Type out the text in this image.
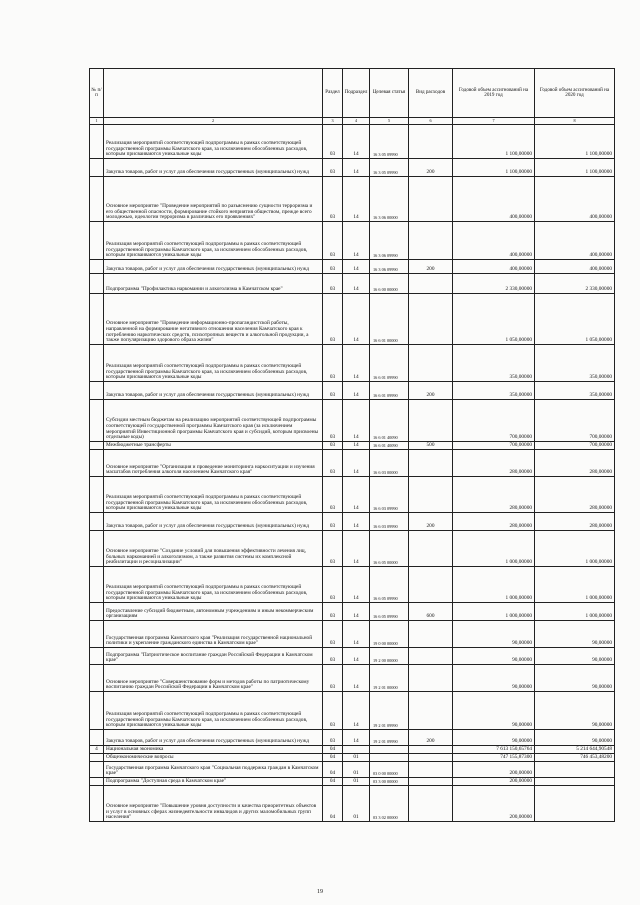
№ п/п		Раздел	Подраздел	Целевая статья	Вид расходов	Годовой объем ассигнований на 2019 год	Годовой объем ассигнований на 2020 год
1	2	3	4	5	6	7	8
	Реализация мероприятий соответствующей подпрограммы в рамках соответствующей государственной программы Камчатского края, за исключением обособленных расходов, которым присваиваются уникальные коды	03	14	16 3 05 09990		1 100,00000	1 100,00000
	Закупка товаров, работ и услуг для обеспечения государственных (муниципальных) нужд	03	14	16 3 05 09990	200	1 100,00000	1 100,00000
	Основное мероприятие "Проведение мероприятий по разъяснению сущности терроризма и его общественной опасности, формирование стойкого неприятия обществом, прежде всего молодежью, идеологии терроризма в различных его проявлениях"	03	14	16 3 06 00000		400,00000	400,00000
	Реализация мероприятий соответствующей подпрограммы в рамках соответствующей государственной программы Камчатского края, за исключением обособленных расходов, которым присваиваются уникальные коды	03	14	16 3 06 09990		400,00000	400,00000
	Закупка товаров, работ и услуг для обеспечения государственных (муниципальных) нужд	03	14	16 3 06 09990	200	400,00000	400,00000
	Подпрограмма "Профилактика наркомании и алкоголизма в Камчатском крае"	03	14	16 6 00 00000		2 330,00000	2 330,00000
	Основное мероприятие "Проведение информационно-пропагандистской работы, направленной на формирование негативного отношения населения Камчатского края к потреблению наркотических средств, психотропных веществ и алкогольной продукции, а также популяризацию здорового образа жизни"	03	14	16 6 01 00000		1 050,00000	1 050,00000
	Реализация мероприятий соответствующей подпрограммы в рамках соответствующей государственной программы Камчатского края, за исключением обособленных расходов, которым присваиваются уникальные коды	03	14	16 6 01 09990		350,00000	350,00000
	Закупка товаров, работ и услуг для обеспечения государственных (муниципальных) нужд	03	14	16 6 01 09990	200	350,00000	350,00000
	Субсидии местным бюджетам на реализацию мероприятий соответствующей подпрограммы соответствующей государственной программы Камчатского края (за исключением мероприятий Инвестиционной программы Камчатского края и субсидий, которым присвоены отдельные коды)	03	14	16 6 01 40090		700,00000	700,00000
	Межбюджетные трансферты	03	14	16 6 01 40090	500	700,00000	700,00000
	Основное мероприятие "Организация и проведение мониторинга наркоситуации и изучения масштабов потребления алкоголя населением Камчатского края"	03	14	16 6 03 00000		280,00000	280,00000
	Реализация мероприятий соответствующей подпрограммы в рамках соответствующей государственной программы Камчатского края, за исключением обособленных расходов, которым присваиваются уникальные коды	03	14	16 6 03 09990		280,00000	280,00000
	Закупка товаров, работ и услуг для обеспечения государственных (муниципальных) нужд	03	14	16 6 03 09990	200	280,00000	280,00000
	Основное мероприятие "Создание условий для повышения эффективности лечения лиц, больных наркоманией и алкоголизмом, а также развития системы их комплексной реабилитации и ресоциализации"	03	14	16 6 05 00000		1 000,00000	1 000,00000
	Реализация мероприятий соответствующей подпрограммы в рамках соответствующей государственной программы Камчатского края, за исключением обособленных расходов, которым присваиваются уникальные коды	03	14	16 6 05 09990		1 000,00000	1 000,00000
	Предоставление субсидий бюджетным, автономным учреждениям и иным некоммерческим организациям	03	14	16 6 05 09990	600	1 000,00000	1 000,00000
	Государственная программа Камчатского края "Реализация государственной национальной политики и укрепление гражданского единства в Камчатском крае"	03	14	19 0 00 00000		90,00000	90,00000
	Подпрограмма "Патриотическое воспитание граждан Российской Федерации в Камчатском крае"	03	14	19 2 00 00000		90,00000	90,00000
	Основное мероприятие "Совершенствование форм и методов работы по патриотическому воспитанию граждан Российской Федерации в Камчатском крае"	03	14	19 2 01 00000		90,00000	90,00000
	Реализация мероприятий соответствующей подпрограммы в рамках соответствующей государственной программы Камчатского края, за исключением обособленных расходов, которым присваиваются уникальные коды	03	14	19 2 01 09990		90,00000	90,00000
	Закупка товаров, работ и услуг для обеспечения государственных (муниципальных) нужд	03	14	19 2 01 09990	200	90,00000	90,00000
4	Национальная экономика	04				7 613 150,65764	5 214 644,90548
	Общеэкономические вопросы	04	01			747 155,87300	746 453,48200
	Государственная программа Камчатского края "Социальная поддержка граждан в Камчатском крае"	04	01	03 0 00 00000		200,00000	
	Подпрограмма "Доступная среда в Камчатском крае"	04	01	03 3 00 00000		200,00000	
	Основное мероприятие "Повышение уровня доступности и качества приоритетных объектов и услуг в основных сферах жизнедеятельности инвалидов и других маломобильных групп населения"	04	01	03 3 02 00000		200,00000	
19
